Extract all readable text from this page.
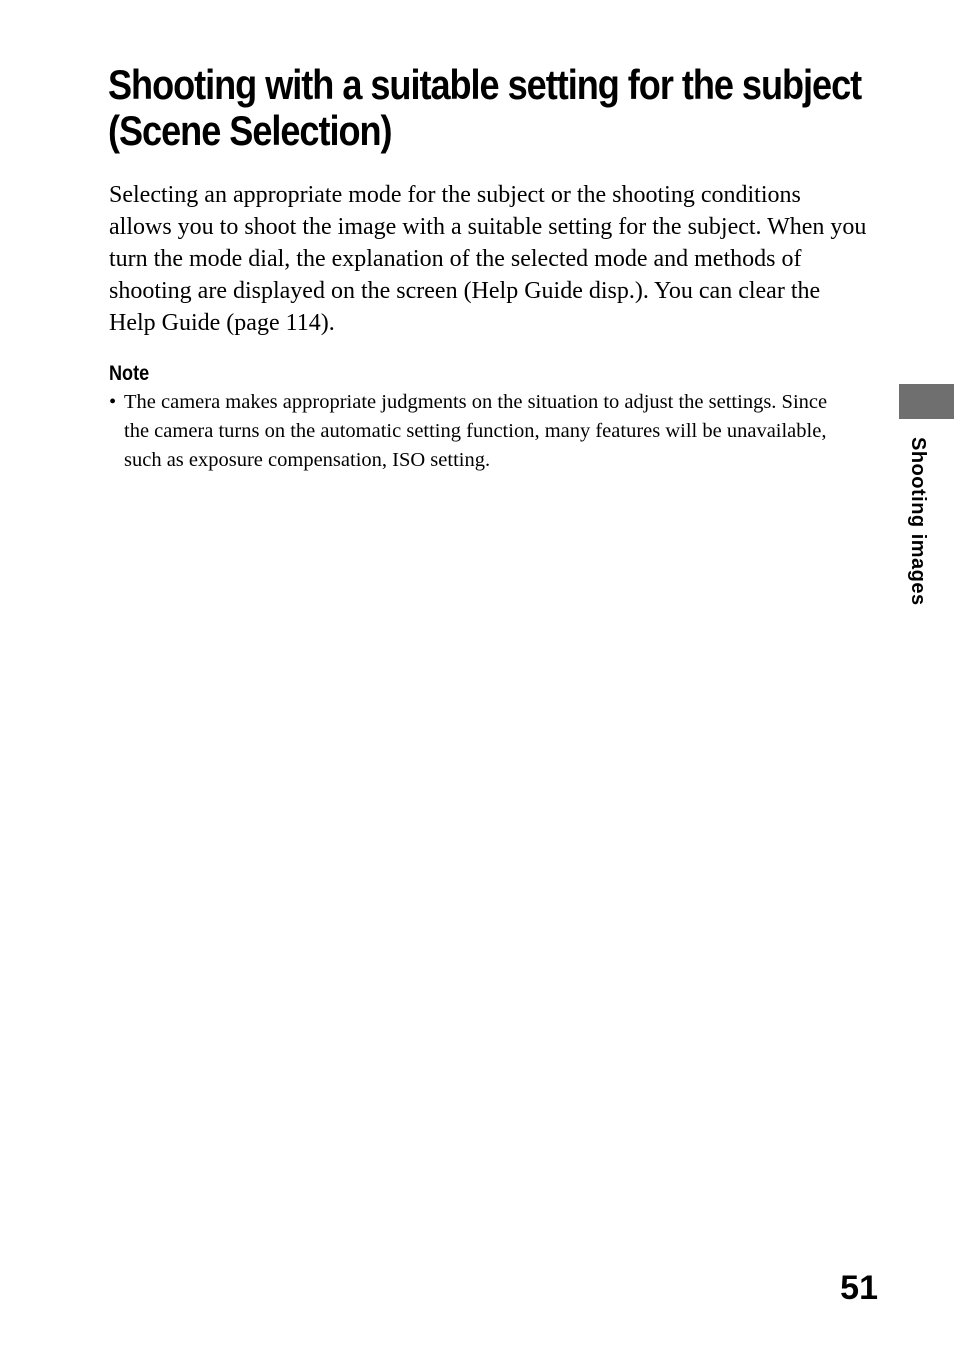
Shooting with a suitable setting for the subject (Scene Selection)

Selecting an appropriate mode for the subject or the shooting conditions allows you to shoot the image with a suitable setting for the subject. When you turn the mode dial, the explanation of the selected mode and methods of shooting are displayed on the screen (Help Guide disp.). You can clear the Help Guide (page 114).

Note
• The camera makes appropriate judgments on the situation to adjust the settings. Since the camera turns on the automatic setting function, many features will be unavailable, such as exposure compensation, ISO setting.	Shooting images
51
